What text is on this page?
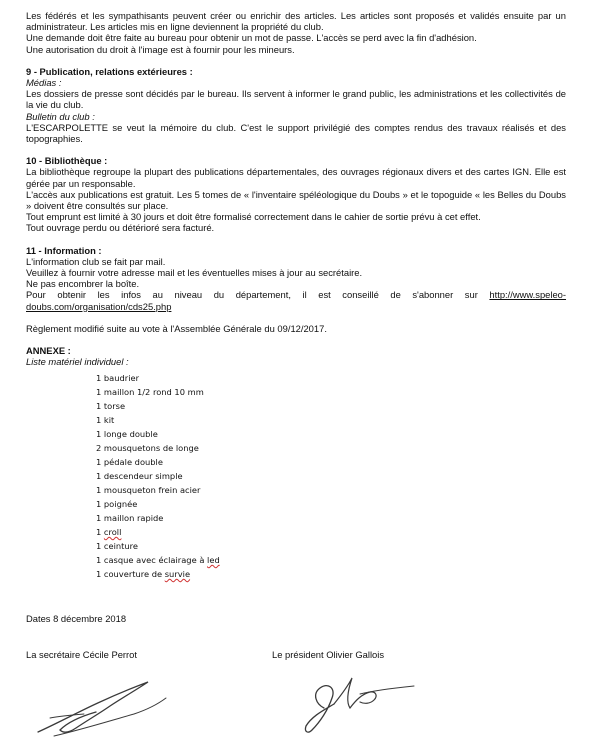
Les fédérés et les sympathisants peuvent créer ou enrichir des articles. Les articles sont proposés et validés ensuite par un administrateur. Les articles mis en ligne deviennent la propriété du club.

Une demande doit être faite au bureau pour obtenir un mot de passe. L'accès se perd avec la fin d'adhésion.

Une autorisation du droit à l'image est à fournir pour les mineurs.

9 - Publication, relations extérieures :

Médias :

Les dossiers de presse sont décidés par le bureau. Ils servent à informer le grand public, les administrations et les collectivités de la vie du club.

Bulletin du club :

L'ESCARPOLETTE se veut la mémoire du club. C'est le support privilégié des comptes rendus des travaux réalisés et des topographies.

10 - Bibliothèque :

La bibliothèque regroupe la plupart des publications départementales, des ouvrages régionaux divers et des cartes IGN. Elle est gérée par un responsable.

L'accès aux publications est gratuit. Les 5 tomes de « l'inventaire spéléologique du Doubs » et le topoguide « les Belles du Doubs » doivent être consultés sur place.

Tout emprunt est limité à 30 jours et doit être formalisé correctement dans le cahier de sortie prévu à cet effet.

Tout ouvrage perdu ou détérioré sera facturé.

11 - Information :

L'information club se fait par mail.

Veuillez à fournir votre adresse mail et les éventuelles mises à jour au secrétaire.

Ne pas encombrer la boîte.

Pour obtenir les infos au niveau du département, il est conseillé de s'abonner sur http://www.speleo-doubs.com/organisation/cds25.php

Règlement modifié suite au vote à l'Assemblée Générale du 09/12/2017.

ANNEXE :

Liste matériel individuel :

1 baudrier
1 maillon 1/2 rond 10 mm
1 torse
1 kit
1 longe double
2 mousquetons de longe
1 pédale double
1 descendeur simple
1 mousqueton frein acier
1 poignée
1 maillon rapide
1 croll
1 ceinture
1 casque avec éclairage à led
1 couverture de survie
Dates 8 décembre 2018
La secrétaire Cécile Perrot	Le président Olivier Gallois
